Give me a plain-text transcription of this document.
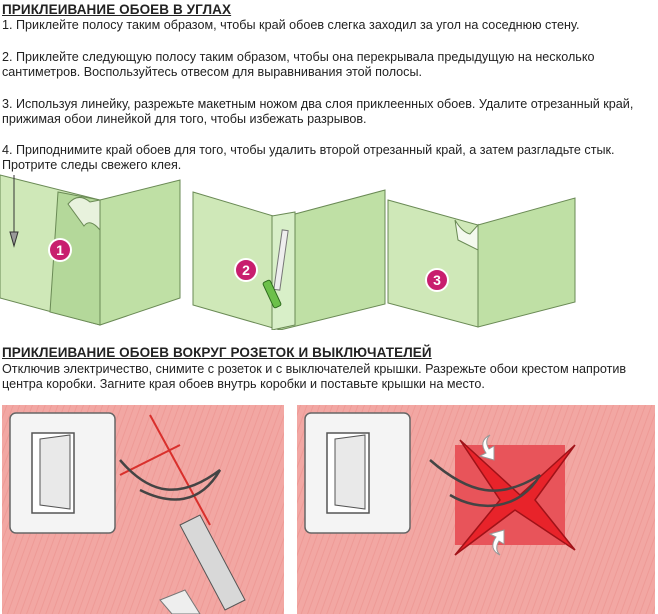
ПРИКЛЕИВАНИЕ ОБОЕВ В УГЛАХ
1. Приклейте полосу таким образом, чтобы край обоев слегка заходил за угол на соседнюю стену.
2. Приклейте следующую полосу таким образом, чтобы она перекрывала предыдущую на несколько сантиметров. Воспользуйтесь отвесом для выравнивания этой полосы.
3. Используя линейку, разрежьте макетным ножом два слоя приклеенных обоев. Удалите отрезанный край, прижимая обои линейкой для того, чтобы избежать разрывов.
4. Приподнимите край обоев для того, чтобы удалить второй отрезанный край, а затем разгладьте стык. Протрите следы свежего клея.
1
2
3
ПРИКЛЕИВАНИЕ ОБОЕВ ВОКРУГ РОЗЕТОК И ВЫКЛЮЧАТЕЛЕЙ
Отключив электричество, снимите с розеток и с выключателей крышки. Разрежьте обои крестом напротив центра коробки. Загните края обоев внутрь коробки и поставьте крышки на место.
